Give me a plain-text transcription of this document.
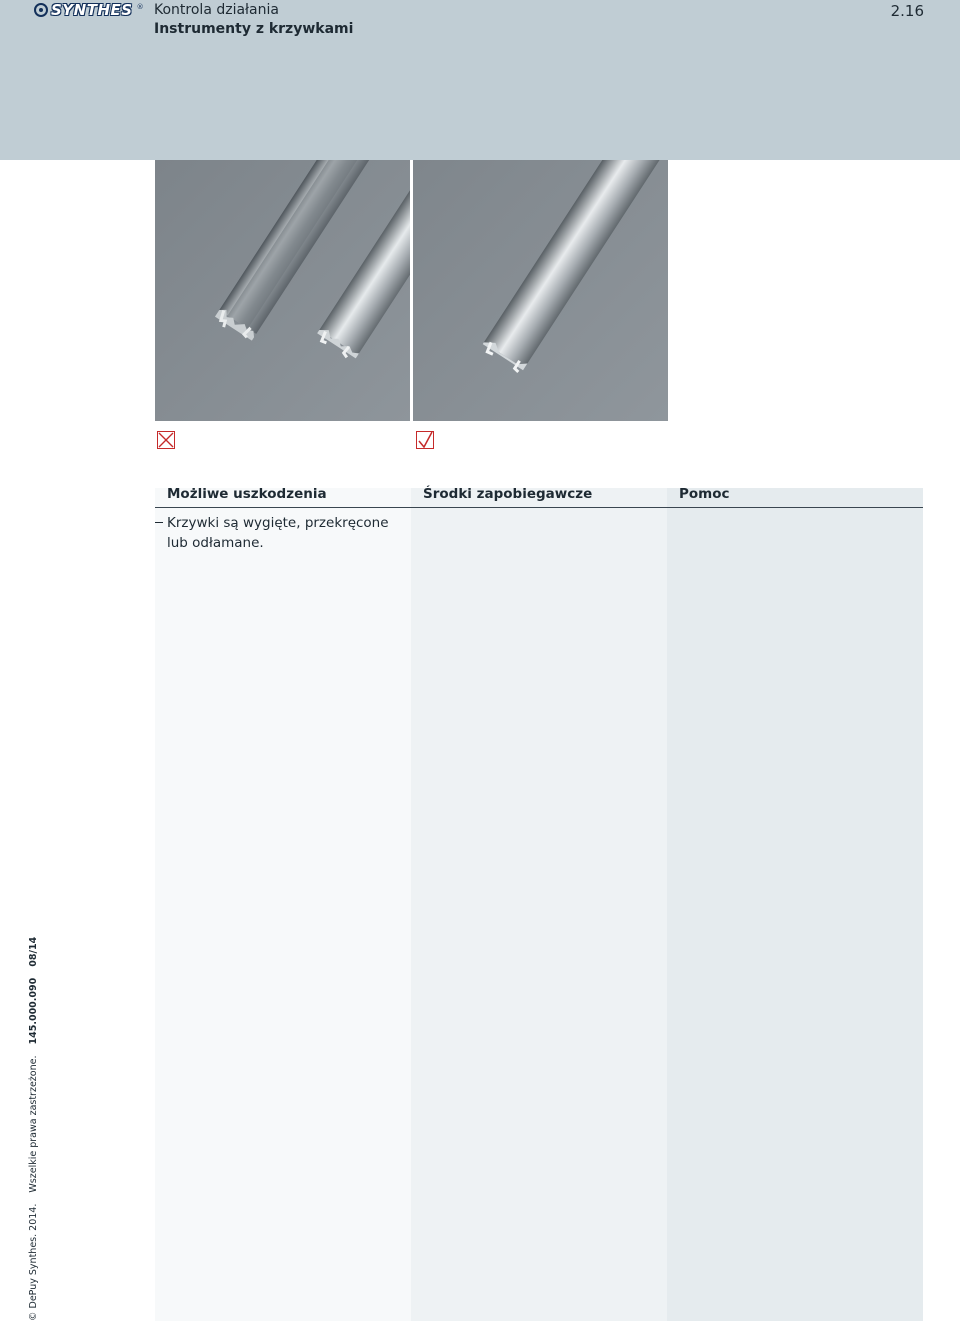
SYNTHES ® Kontrola działania
Instrumenty z krzywkami
2.16
Możliwe uszkodzenia	Środki zapobiegawcze	Pomoc
Krzywki są wygięte, przekręcone
lub odłamane.
© DePuy Synthes. 2014. Wszelkie prawa zastrzeżone. 145.000.090 08/14
